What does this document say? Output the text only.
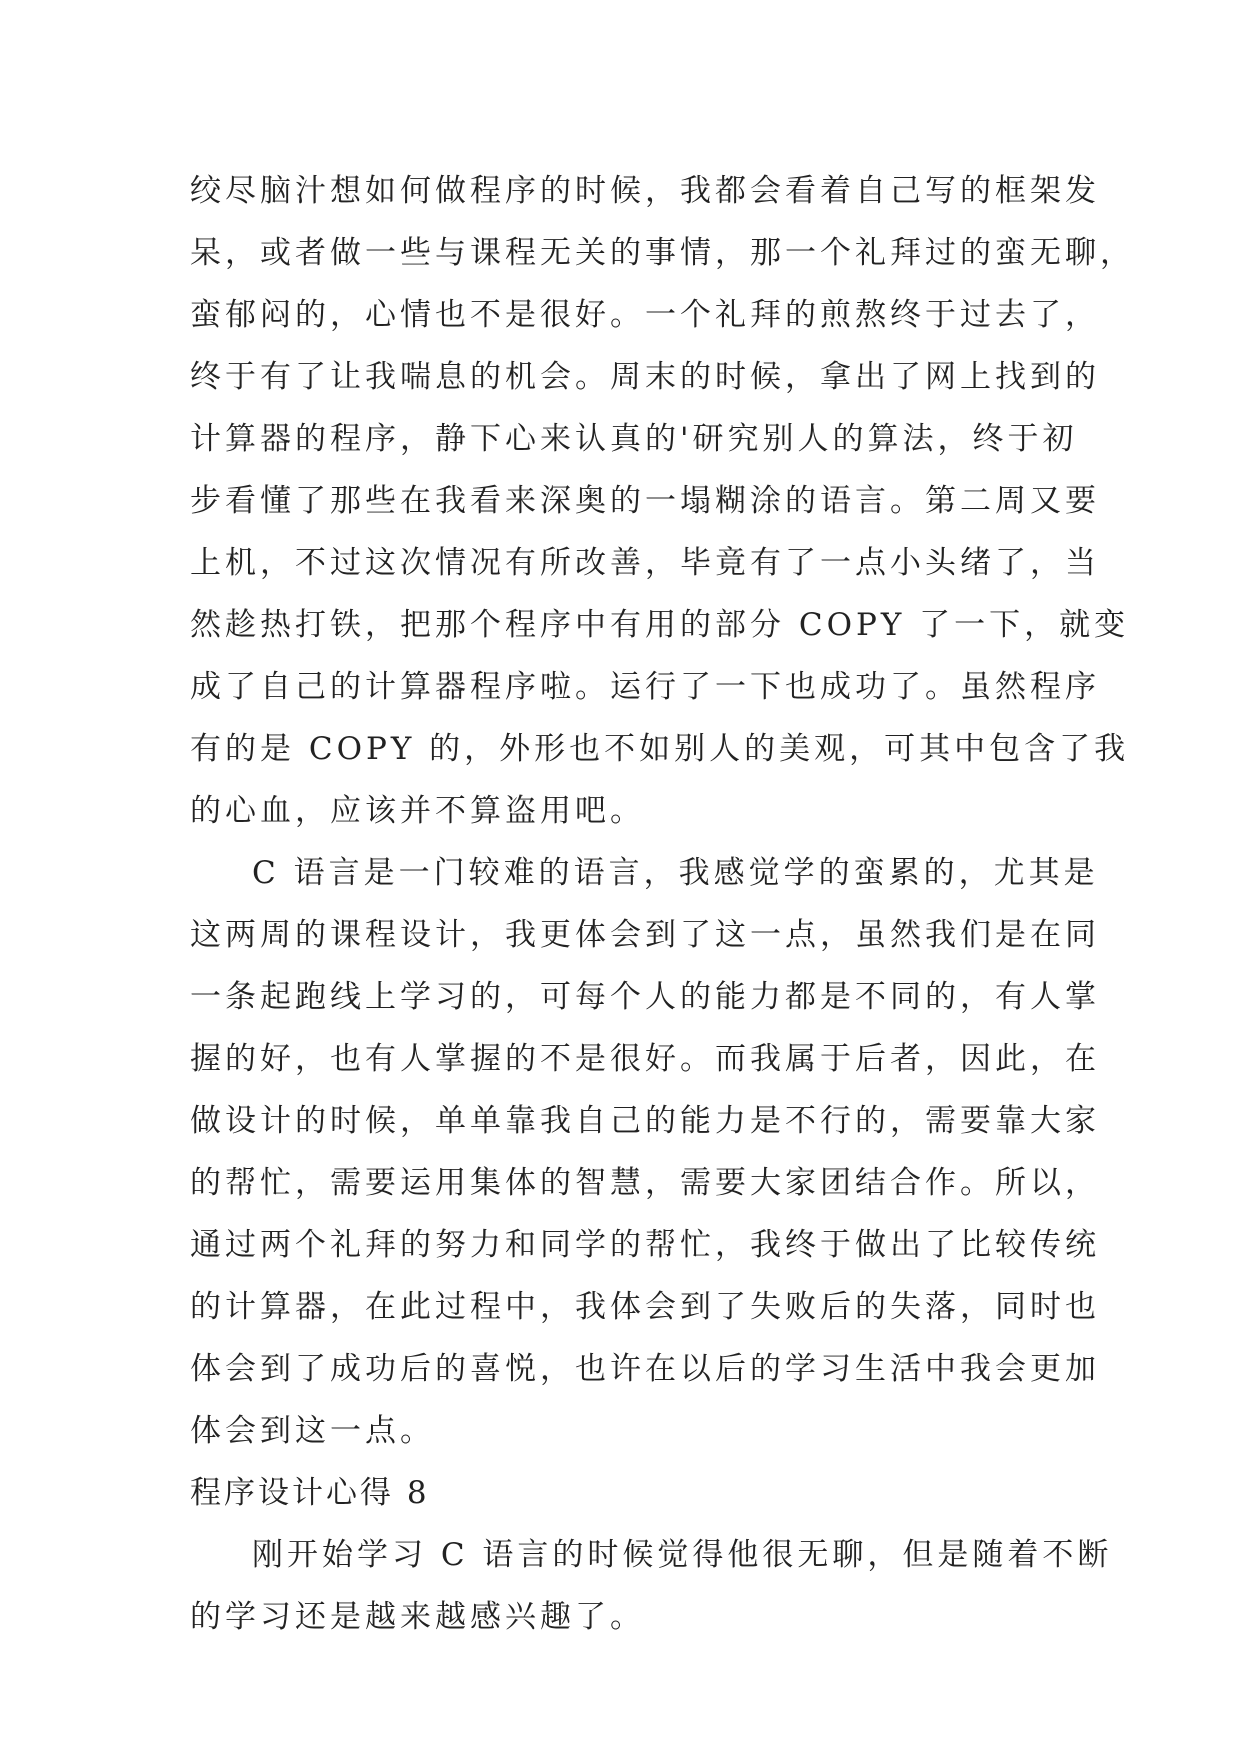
绞尽脑汁想如何做程序的时候，我都会看着自己写的框架发
呆，或者做一些与课程无关的事情，那一个礼拜过的蛮无聊，
蛮郁闷的，心情也不是很好。一个礼拜的煎熬终于过去了，
终于有了让我喘息的机会。周末的时候，拿出了网上找到的
计算器的程序，静下心来认真的'研究别人的算法，终于初
步看懂了那些在我看来深奥的一塌糊涂的语言。第二周又要
上机，不过这次情况有所改善，毕竟有了一点小头绪了，当
然趁热打铁，把那个程序中有用的部分 COPY 了一下，就变
成了自己的计算器程序啦。运行了一下也成功了。虽然程序
有的是 COPY 的，外形也不如别人的美观，可其中包含了我
的心血，应该并不算盗用吧。
C 语言是一门较难的语言，我感觉学的蛮累的，尤其是
这两周的课程设计，我更体会到了这一点，虽然我们是在同
一条起跑线上学习的，可每个人的能力都是不同的，有人掌
握的好，也有人掌握的不是很好。而我属于后者，因此，在
做设计的时候，单单靠我自己的能力是不行的，需要靠大家
的帮忙，需要运用集体的智慧，需要大家团结合作。所以，
通过两个礼拜的努力和同学的帮忙，我终于做出了比较传统
的计算器，在此过程中，我体会到了失败后的失落，同时也
体会到了成功后的喜悦，也许在以后的学习生活中我会更加
体会到这一点。
程序设计心得 8
刚开始学习 C 语言的时候觉得他很无聊，但是随着不断
的学习还是越来越感兴趣了。
